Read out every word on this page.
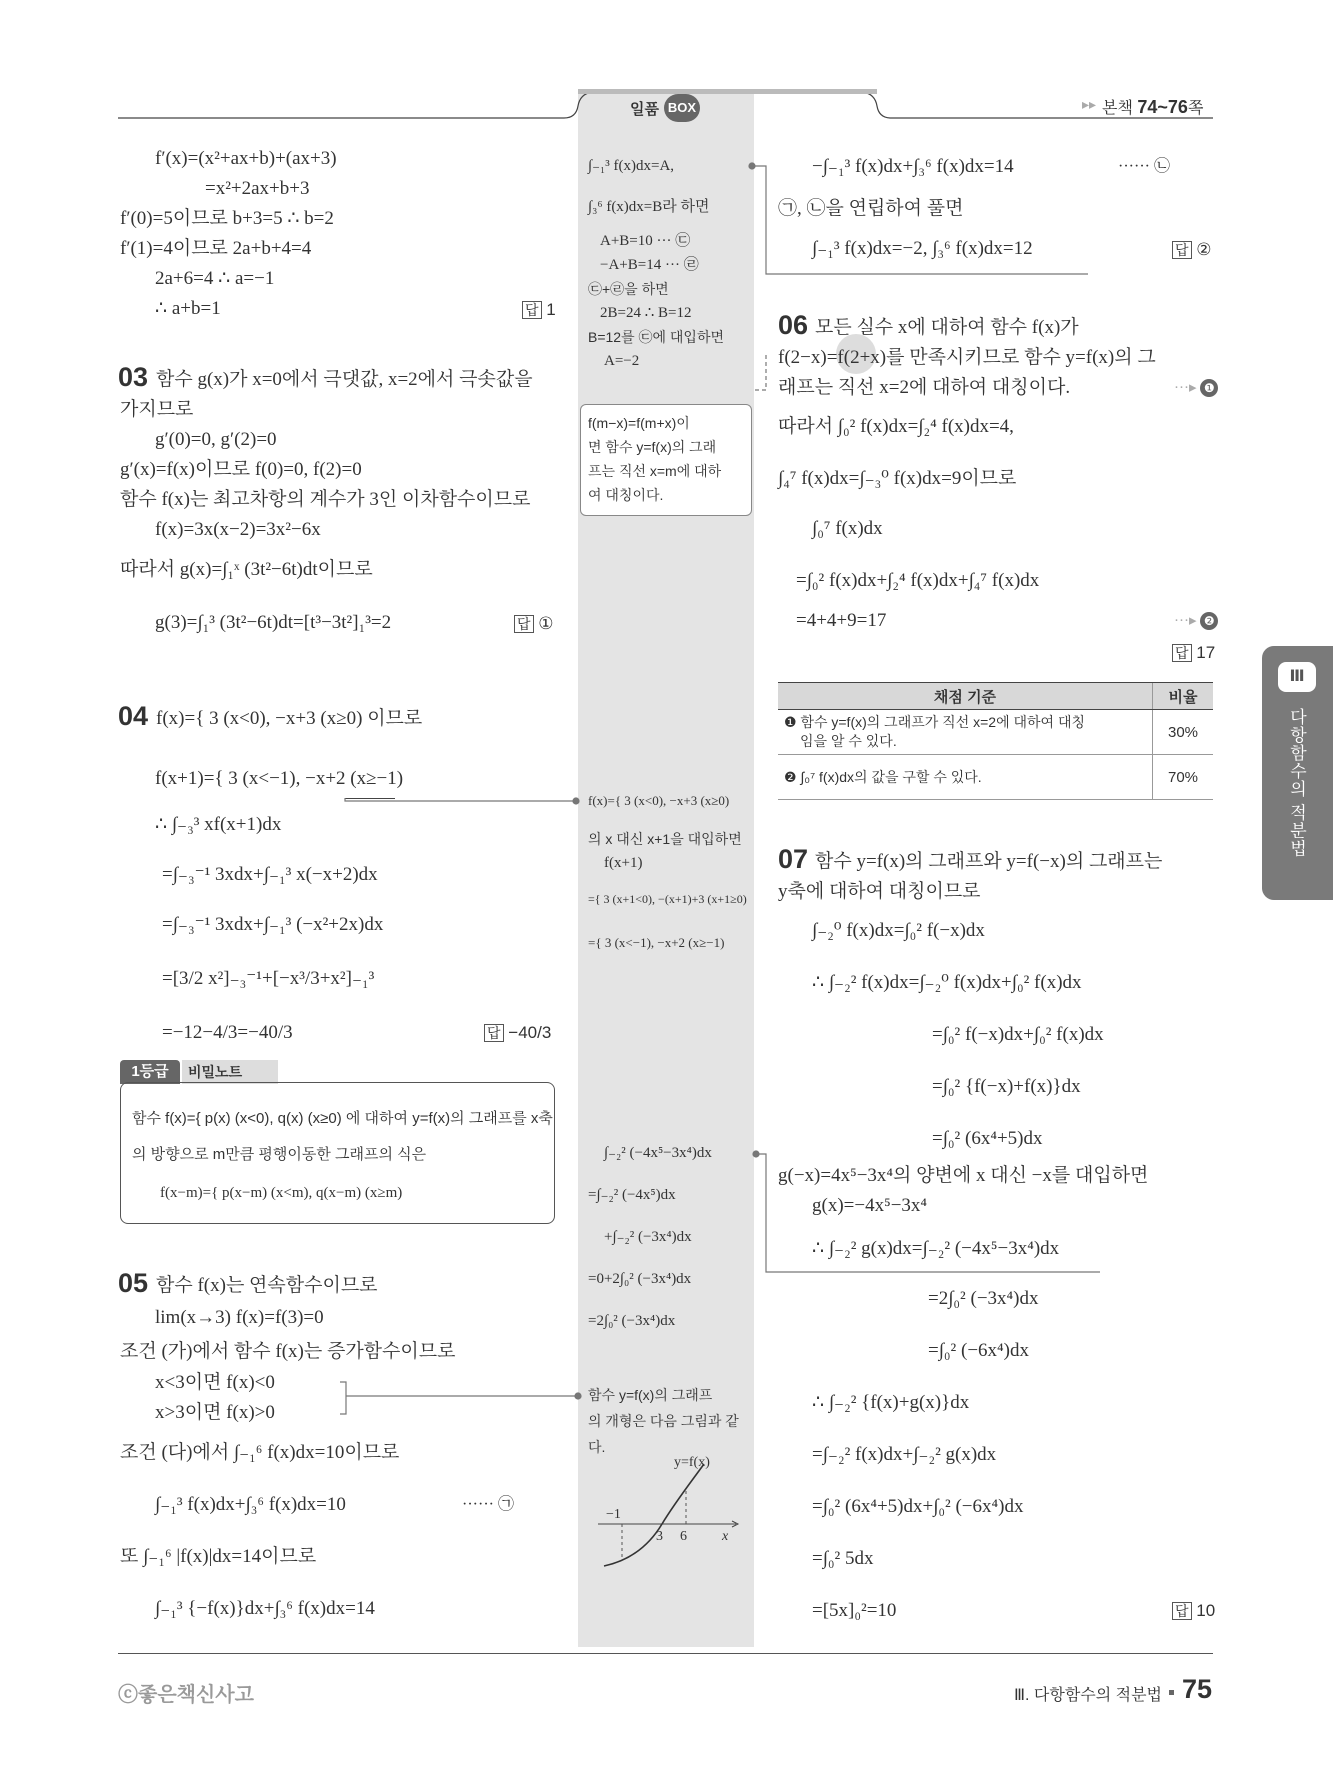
일품 BOX	▸▸ 본책 74~76쪽
f′(x)=(x²+ax+b)+(ax+3)
=x²+2ax+b+3
f′(0)=5이므로 b+3=5 ∴ b=2
f′(1)=4이므로 2a+b+4=4
2a+6=4 ∴ a=−1
∴ a+b=1	답 1
03 함수 g(x)가 x=0에서 극댓값, x=2에서 극솟값을
가지므로
g′(0)=0, g′(2)=0
g′(x)=f(x)이므로 f(0)=0, f(2)=0
함수 f(x)는 최고차항의 계수가 3인 이차함수이므로
f(x)=3x(x−2)=3x²−6x
따라서 g(x)=∫₁ˣ (3t²−6t)dt이므로
g(3)=∫₁³ (3t²−6t)dt=[t³−3t²]₁³=2	답 ①
04 f(x)={ 3 (x<0), −x+3 (x≥0) 이므로
f(x+1)={ 3 (x<−1), −x+2 (x≥−1)
∴ ∫₋₃³ xf(x+1)dx
=∫₋₃⁻¹ 3xdx+∫₋₁³ x(−x+2)dx
=∫₋₃⁻¹ 3xdx+∫₋₁³ (−x²+2x)dx
=[3/2 x²]₋₃⁻¹+[−x³/3+x²]₋₁³
=−12−4/3=−40/3	답 −40/3
1등급	비밀노트
함수 f(x)={ p(x) (x<0), q(x) (x≥0) 에 대하여 y=f(x)의 그래프를 x축
의 방향으로 m만큼 평행이동한 그래프의 식은
f(x−m)={ p(x−m) (x<m), q(x−m) (x≥m)
05 함수 f(x)는 연속함수이므로
lim(x→3) f(x)=f(3)=0
조건 (가)에서 함수 f(x)는 증가함수이므로
x<3이면 f(x)<0
x>3이면 f(x)>0
조건 (다)에서 ∫₋₁⁶ f(x)dx=10이므로
∫₋₁³ f(x)dx+∫₃⁶ f(x)dx=10	······ ㉠
또 ∫₋₁⁶ |f(x)|dx=14이므로
∫₋₁³ {−f(x)}dx+∫₃⁶ f(x)dx=14
∫₋₁³ f(x)dx=A,
∫₃⁶ f(x)dx=B라 하면
A+B=10 ··· ㉢
−A+B=14 ··· ㉣
㉢+㉣을 하면
2B=24 ∴ B=12
B=12를 ㉢에 대입하면
A=−2
f(m−x)=f(m+x)이
면 함수 y=f(x)의 그래
프는 직선 x=m에 대하
여 대칭이다.
f(x)={ 3 (x<0), −x+3 (x≥0)
의 x 대신 x+1을 대입하면
f(x+1)
={ 3 (x+1<0), −(x+1)+3 (x+1≥0)
={ 3 (x<−1), −x+2 (x≥−1)
∫₋₂² (−4x⁵−3x⁴)dx
=∫₋₂² (−4x⁵)dx
+∫₋₂² (−3x⁴)dx
=0+2∫₀² (−3x⁴)dx
=2∫₀² (−3x⁴)dx
함수 y=f(x)의 그래프
의 개형은 다음 그림과 같
다.
y=f(x)
−1
3 6	x
−∫₋₁³ f(x)dx+∫₃⁶ f(x)dx=14	······ ㉡
㉠, ㉡을 연립하여 풀면
∫₋₁³ f(x)dx=−2, ∫₃⁶ f(x)dx=12	답 ②
06 모든 실수 x에 대하여 함수 f(x)가
f(2−x)=f(2+x)를 만족시키므로 함수 y=f(x)의 그
래프는 직선 x=2에 대하여 대칭이다.	···▸ ❶
따라서 ∫₀² f(x)dx=∫₂⁴ f(x)dx=4,
∫₄⁷ f(x)dx=∫₋₃⁰ f(x)dx=9이므로
∫₀⁷ f(x)dx
=∫₀² f(x)dx+∫₂⁴ f(x)dx+∫₄⁷ f(x)dx
=4+4+9=17	···▸ ❷
답 17
채점 기준	비율
❶ 함수 y=f(x)의 그래프가 직선 x=2에 대하여 대칭
임을 알 수 있다.	30%
❷ ∫₀⁷ f(x)dx의 값을 구할 수 있다.	70%
07 함수 y=f(x)의 그래프와 y=f(−x)의 그래프는
y축에 대하여 대칭이므로
∫₋₂⁰ f(x)dx=∫₀² f(−x)dx
∴ ∫₋₂² f(x)dx=∫₋₂⁰ f(x)dx+∫₀² f(x)dx
=∫₀² f(−x)dx+∫₀² f(x)dx
=∫₀² {f(−x)+f(x)}dx
=∫₀² (6x⁴+5)dx
g(−x)=4x⁵−3x⁴의 양변에 x 대신 −x를 대입하면
g(x)=−4x⁵−3x⁴
∴ ∫₋₂² g(x)dx=∫₋₂² (−4x⁵−3x⁴)dx
=2∫₀² (−3x⁴)dx
=∫₀² (−6x⁴)dx
∴ ∫₋₂² {f(x)+g(x)}dx
=∫₋₂² f(x)dx+∫₋₂² g(x)dx
=∫₀² (6x⁴+5)dx+∫₀² (−6x⁴)dx
=∫₀² 5dx
=[5x]₀²=10	답 10
Ⅲ
다항함수의 적분법
ⓒ좋은책신사고	Ⅲ. 다항함수의 적분법 75
